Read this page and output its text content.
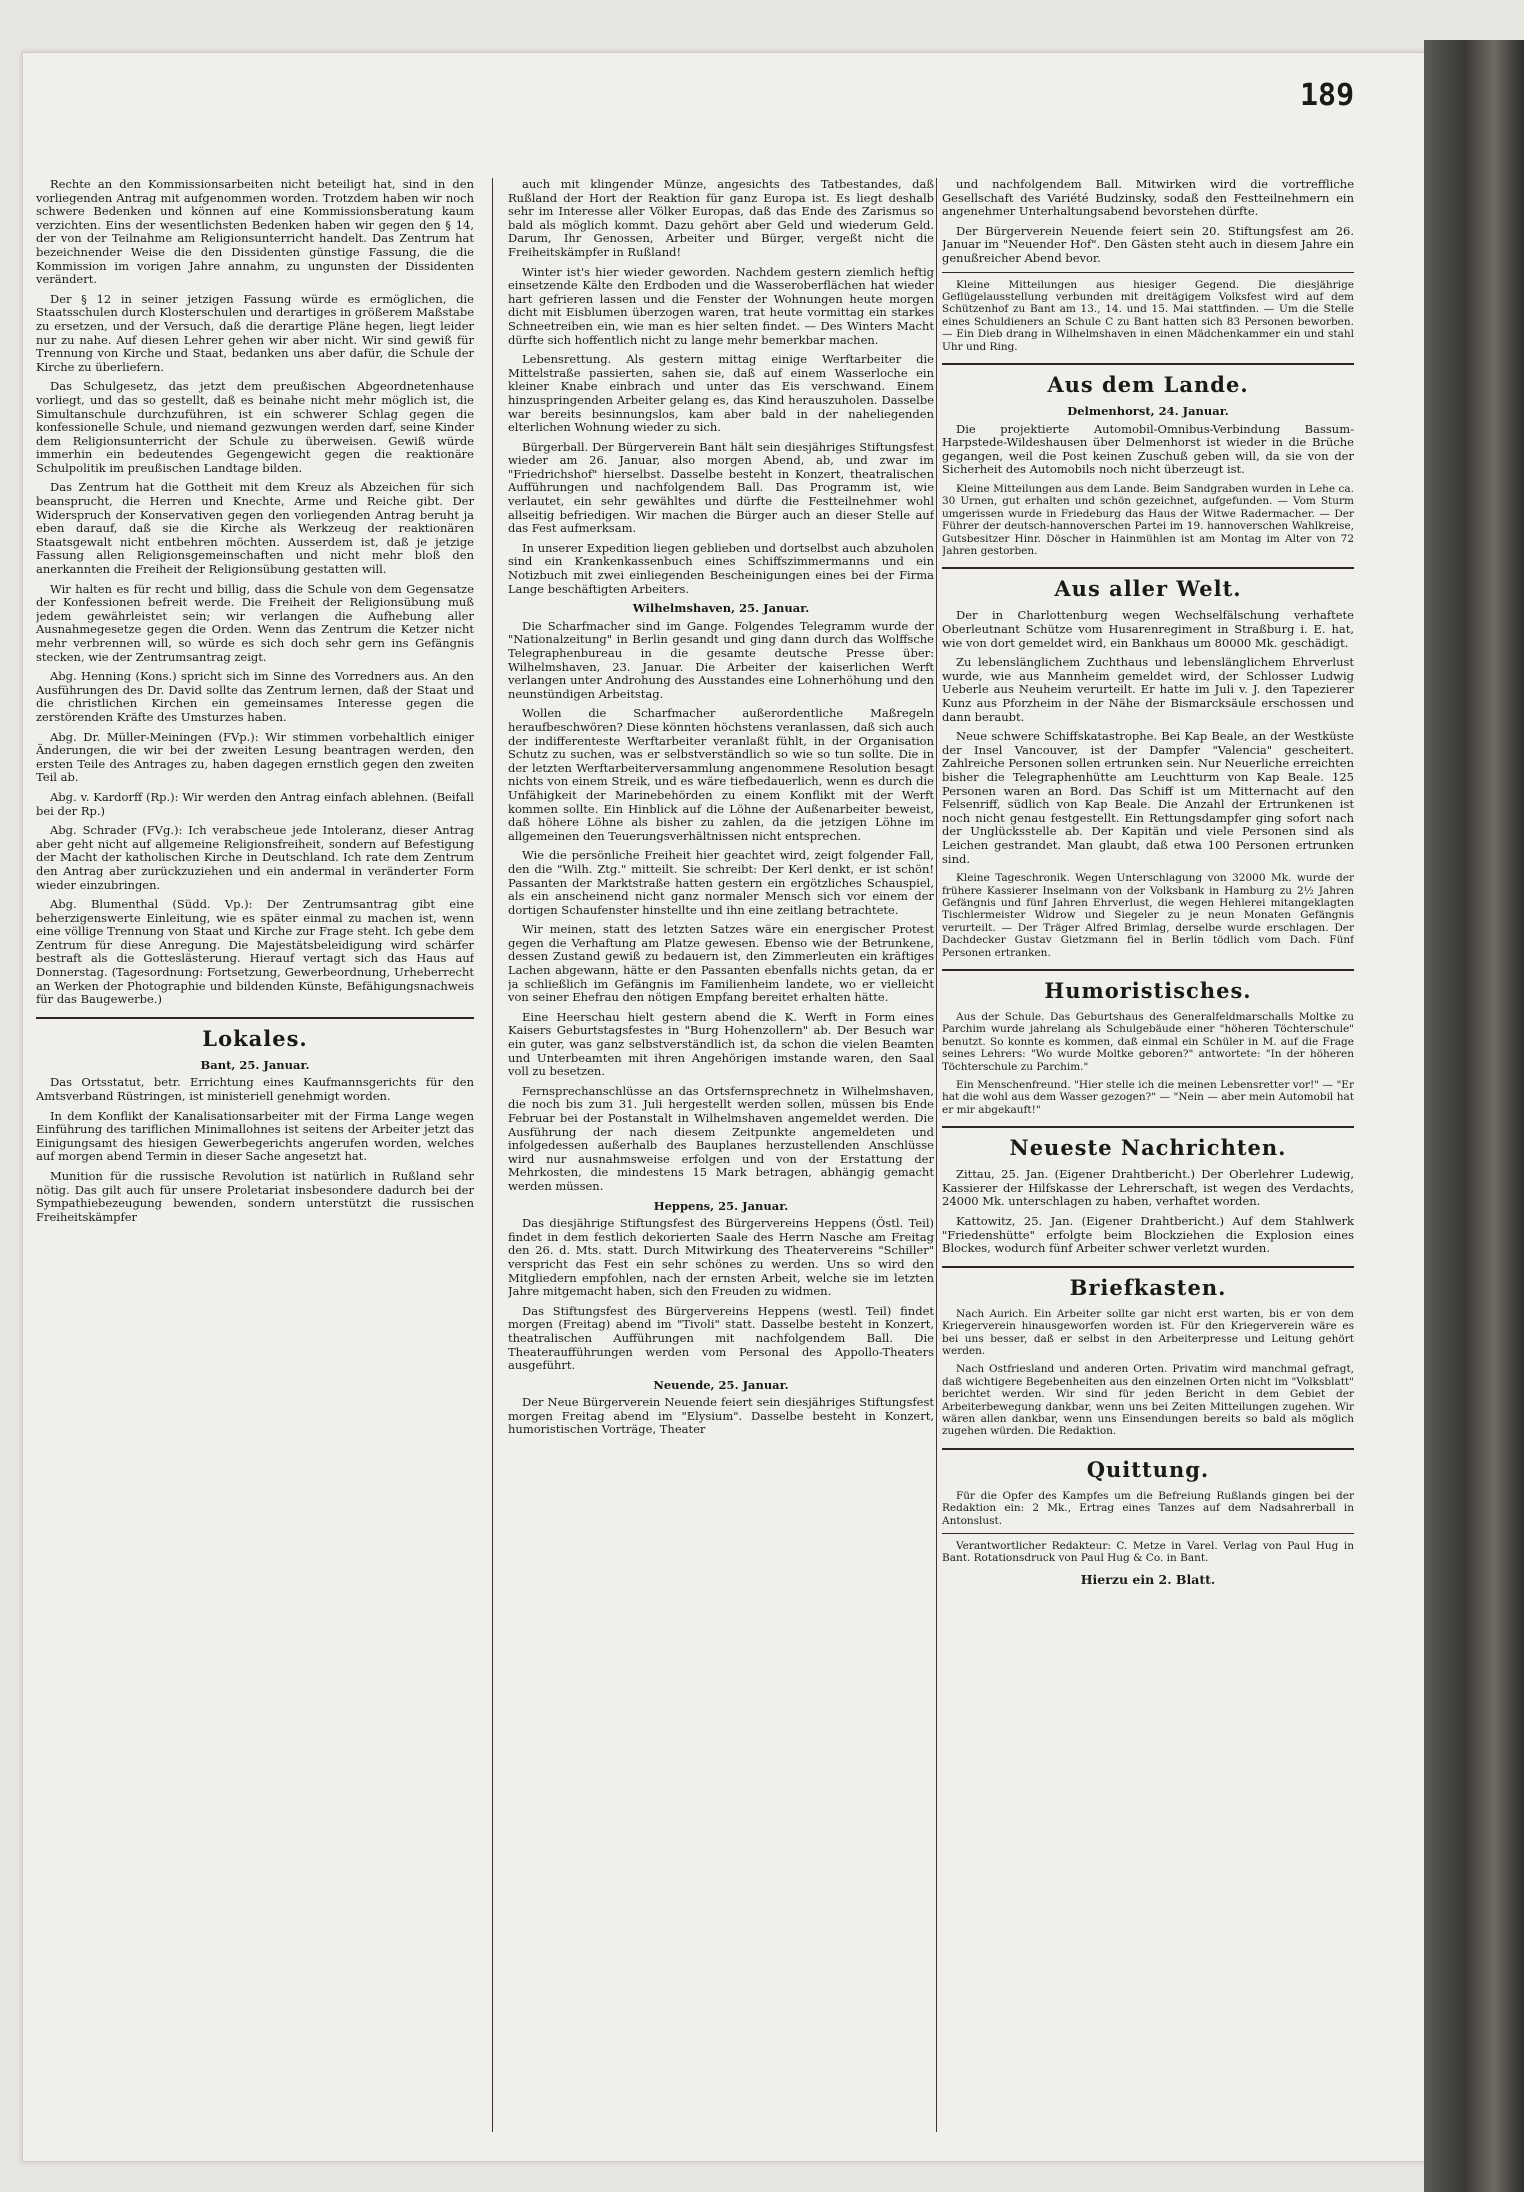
189

Rechte an den Kommissionsarbeiten nicht beteiligt hat, sind in den vorliegenden Antrag mit aufgenommen worden. Trotzdem haben wir noch schwere Bedenken und können auf eine Kommissionsberatung kaum verzichten. Eins der wesentlichsten Bedenken haben wir gegen den § 14, der von der Teilnahme am Religionsunterricht handelt. Das Zentrum hat bezeichnender Weise die den Dissidenten günstige Fassung, die die Kommission im vorigen Jahre annahm, zu ungunsten der Dissidenten verändert.

Der § 12 in seiner jetzigen Fassung würde es ermöglichen, die Staatsschulen durch Klosterschulen und derartiges in größerem Maßstabe zu ersetzen, und der Versuch, daß die derartige Pläne hegen, liegt leider nur zu nahe. Auf diesen Lehrer gehen wir aber nicht. Wir sind gewiß für Trennung von Kirche und Staat, bedanken uns aber dafür, die Schule der Kirche zu überliefern.

Das Schulgesetz, das jetzt dem preußischen Abgeordnetenhause vorliegt, und das so gestellt, daß es beinahe nicht mehr möglich ist, die Simultanschule durchzuführen, ist ein schwerer Schlag gegen die konfessionelle Schule, und niemand gezwungen werden darf, seine Kinder dem Religionsunterricht der Schule zu überweisen. Gewiß würde immerhin ein bedeutendes Gegengewicht gegen die reaktionäre Schulpolitik im preußischen Landtage bilden.

Das Zentrum hat die Gottheit mit dem Kreuz als Abzeichen für sich beansprucht, die Herren und Knechte, Arme und Reiche gibt. Der Widerspruch der Konservativen gegen den vorliegenden Antrag beruht ja eben darauf, daß sie die Kirche als Werkzeug der reaktionären Staatsgewalt nicht entbehren möchten. Ausserdem ist, daß je jetzige Fassung allen Religionsgemeinschaften und nicht mehr bloß den anerkannten die Freiheit der Religionsübung gestatten will.

Wir halten es für recht und billig, dass die Schule von dem Gegensatze der Konfessionen befreit werde. Die Freiheit der Religionsübung muß jedem gewährleistet sein; wir verlangen die Aufhebung aller Ausnahmegesetze gegen die Orden. Wenn das Zentrum die Ketzer nicht mehr verbrennen will, so würde es sich doch sehr gern ins Gefängnis stecken, wie der Zentrumsantrag zeigt.

Abg. Henning (Kons.) spricht sich im Sinne des Vorredners aus. An den Ausführungen des Dr. David sollte das Zentrum lernen, daß der Staat und die christlichen Kirchen ein gemeinsames Interesse gegen die zerstörenden Kräfte des Umsturzes haben.

Abg. Dr. Müller-Meiningen (FVp.): Wir stimmen vorbehaltlich einiger Änderungen, die wir bei der zweiten Lesung beantragen werden, den ersten Teile des Antrages zu, haben dagegen ernstlich gegen den zweiten Teil ab.

Abg. v. Kardorff (Rp.): Wir werden den Antrag einfach ablehnen. (Beifall bei der Rp.)

Abg. Schrader (FVg.): Ich verabscheue jede Intoleranz, dieser Antrag aber geht nicht auf allgemeine Religionsfreiheit, sondern auf Befestigung der Macht der katholischen Kirche in Deutschland. Ich rate dem Zentrum den Antrag aber zurückzuziehen und ein andermal in veränderter Form wieder einzubringen.

Abg. Blumenthal (Südd. Vp.): Der Zentrumsantrag gibt eine beherzigenswerte Einleitung, wie es später einmal zu machen ist, wenn eine völlige Trennung von Staat und Kirche zur Frage steht. Ich gebe dem Zentrum für diese Anregung. Die Majestätsbeleidigung wird schärfer bestraft als die Gotteslästerung. Hierauf vertagt sich das Haus auf Donnerstag. (Tagesordnung: Fortsetzung, Gewerbeordnung, Urheberrecht an Werken der Photographie und bildenden Künste, Befähigungsnachweis für das Baugewerbe.)

Lokales.
Bant, 25. Januar.

Das Ortsstatut, betr. Errichtung eines Kaufmannsgerichts für den Amtsverband Rüstringen, ist ministeriell genehmigt worden.

In dem Konflikt der Kanalisationsarbeiter mit der Firma Lange wegen Einführung des tariflichen Minimallohnes ist seitens der Arbeiter jetzt das Einigungsamt des hiesigen Gewerbegerichts angerufen worden, welches auf morgen abend Termin in dieser Sache angesetzt hat.

Munition für die russische Revolution ist natürlich in Rußland sehr nötig. Das gilt auch für unsere Proletariat insbesondere dadurch bei der Sympathiebezeugung bewenden, sondern unterstützt die russischen Freiheitskämpfer

auch mit klingender Münze, angesichts des Tatbestandes, daß Rußland der Hort der Reaktion für ganz Europa ist. Es liegt deshalb sehr im Interesse aller Völker Europas, daß das Ende des Zarismus so bald als möglich kommt. Dazu gehört aber Geld und wiederum Geld. Darum, Ihr Genossen, Arbeiter und Bürger, vergeßt nicht die Freiheitskämpfer in Rußland!

Winter ist's hier wieder geworden. Nachdem gestern ziemlich heftig einsetzende Kälte den Erdboden und die Wasseroberflächen hat wieder hart gefrieren lassen und die Fenster der Wohnungen heute morgen dicht mit Eisblumen überzogen waren, trat heute vormittag ein starkes Schneetreiben ein, wie man es hier selten findet. — Des Winters Macht dürfte sich hoffentlich nicht zu lange mehr bemerkbar machen.

Lebensrettung. Als gestern mittag einige Werftarbeiter die Mittelstraße passierten, sahen sie, daß auf einem Wasserloche ein kleiner Knabe einbrach und unter das Eis verschwand. Einem hinzuspringenden Arbeiter gelang es, das Kind herauszuholen. Dasselbe war bereits besinnungslos, kam aber bald in der naheliegenden elterlichen Wohnung wieder zu sich.

Bürgerball. Der Bürgerverein Bant hält sein diesjähriges Stiftungsfest wieder am 26. Januar, also morgen Abend, ab, und zwar im "Friedrichshof" hierselbst. Dasselbe besteht in Konzert, theatralischen Aufführungen und nachfolgendem Ball. Das Programm ist, wie verlautet, ein sehr gewähltes und dürfte die Festteilnehmer wohl allseitig befriedigen. Wir machen die Bürger auch an dieser Stelle auf das Fest aufmerksam.

In unserer Expedition liegen geblieben und dortselbst auch abzuholen sind ein Krankenkassenbuch eines Schiffszimmermanns und ein Notizbuch mit zwei einliegenden Bescheinigungen eines bei der Firma Lange beschäftigten Arbeiters.

Wilhelmshaven, 25. Januar.

Die Scharfmacher sind im Gange. Folgendes Telegramm wurde der "Nationalzeitung" in Berlin gesandt und ging dann durch das Wolffsche Telegraphenbureau in die gesamte deutsche Presse über: Wilhelmshaven, 23. Januar. Die Arbeiter der kaiserlichen Werft verlangen unter Androhung des Ausstandes eine Lohnerhöhung und den neunstündigen Arbeitstag.

Wollen die Scharfmacher außerordentliche Maßregeln heraufbeschwören? Diese könnten höchstens veranlassen, daß sich auch der indifferenteste Werftarbeiter veranlaßt fühlt, in der Organisation Schutz zu suchen, was er selbstverständlich so wie so tun sollte. Die in der letzten Werftarbeiterversammlung angenommene Resolution besagt nichts von einem Streik, und es wäre tiefbedauerlich, wenn es durch die Unfähigkeit der Marinebehörden zu einem Konflikt mit der Werft kommen sollte. Ein Hinblick auf die Löhne der Außenarbeiter beweist, daß höhere Löhne als bisher zu zahlen, da die jetzigen Löhne im allgemeinen den Teuerungsverhältnissen nicht entsprechen.

Wie die persönliche Freiheit hier geachtet wird, zeigt folgender Fall, den die "Wilh. Ztg." mitteilt. Sie schreibt: Der Kerl denkt, er ist schön! Passanten der Marktstraße hatten gestern ein ergötzliches Schauspiel, als ein anscheinend nicht ganz normaler Mensch sich vor einem der dortigen Schaufenster hinstellte und ihn eine zeitlang betrachtete.

Wir meinen, statt des letzten Satzes wäre ein energischer Protest gegen die Verhaftung am Platze gewesen. Ebenso wie der Betrunkene, dessen Zustand gewiß zu bedauern ist, den Zimmerleuten ein kräftiges Lachen abgewann, hätte er den Passanten ebenfalls nichts getan, da er ja schließlich im Gefängnis im Familienheim landete, wo er vielleicht von seiner Ehefrau den nötigen Empfang bereitet erhalten hätte.

Eine Heerschau hielt gestern abend die K. Werft in Form eines Kaisers Geburtstagsfestes in "Burg Hohenzollern" ab. Der Besuch war ein guter, was ganz selbstverständlich ist, da schon die vielen Beamten und Unterbeamten mit ihren Angehörigen imstande waren, den Saal voll zu besetzen.

Fernsprechanschlüsse an das Ortsfernsprechnetz in Wilhelmshaven, die noch bis zum 31. Juli hergestellt werden sollen, müssen bis Ende Februar bei der Postanstalt in Wilhelmshaven angemeldet werden. Die Ausführung der nach diesem Zeitpunkte angemeldeten und infolgedessen außerhalb des Bauplanes herzustellenden Anschlüsse wird nur ausnahmsweise erfolgen und von der Erstattung der Mehrkosten, die mindestens 15 Mark betragen, abhängig gemacht werden müssen.

Heppens, 25. Januar.

Das diesjährige Stiftungsfest des Bürgervereins Heppens (Östl. Teil) findet in dem festlich dekorierten Saale des Herrn Nasche am Freitag den 26. d. Mts. statt. Durch Mitwirkung des Theatervereins "Schiller" verspricht das Fest ein sehr schönes zu werden. Uns so wird den Mitgliedern empfohlen, nach der ernsten Arbeit, welche sie im letzten Jahre mitgemacht haben, sich den Freuden zu widmen.

Das Stiftungsfest des Bürgervereins Heppens (westl. Teil) findet morgen (Freitag) abend im "Tivoli" statt. Dasselbe besteht in Konzert, theatralischen Aufführungen mit nachfolgendem Ball. Die Theateraufführungen werden vom Personal des Appollo-Theaters ausgeführt.

Neuende, 25. Januar.

Der Neue Bürgerverein Neuende feiert sein diesjähriges Stiftungsfest morgen Freitag abend im "Elysium". Dasselbe besteht in Konzert, humoristischen Vorträge, Theater

und nachfolgendem Ball. Mitwirken wird die vortreffliche Gesellschaft des Variété Budzinsky, sodaß den Festteilnehmern ein angenehmer Unterhaltungsabend bevorstehen dürfte.

Der Bürgerverein Neuende feiert sein 20. Stiftungsfest am 26. Januar im "Neuender Hof". Den Gästen steht auch in diesem Jahre ein genußreicher Abend bevor.

Kleine Mitteilungen aus hiesiger Gegend. Die diesjährige Geflügelausstellung verbunden mit dreitägigem Volksfest wird auf dem Schützenhof zu Bant am 13., 14. und 15. Mai stattfinden. — Um die Stelle eines Schuldieners an Schule C zu Bant hatten sich 83 Personen beworben. — Ein Dieb drang in Wilhelmshaven in einen Mädchenkammer ein und stahl Uhr und Ring.

Aus dem Lande.
Delmenhorst, 24. Januar.

Die projektierte Automobil-Omnibus-Verbindung Bassum-Harpstede-Wildeshausen über Delmenhorst ist wieder in die Brüche gegangen, weil die Post keinen Zuschuß geben will, da sie von der Sicherheit des Automobils noch nicht überzeugt ist.

Kleine Mitteilungen aus dem Lande. Beim Sandgraben wurden in Lehe ca. 30 Urnen, gut erhalten und schön gezeichnet, aufgefunden. — Vom Sturm umgerissen wurde in Friedeburg das Haus der Witwe Radermacher. — Der Führer der deutsch-hannoverschen Partei im 19. hannoverschen Wahlkreise, Gutsbesitzer Hinr. Döscher in Hainmühlen ist am Montag im Alter von 72 Jahren gestorben.

Aus aller Welt.

Der in Charlottenburg wegen Wechselfälschung verhaftete Oberleutnant Schütze vom Husarenregiment in Straßburg i. E. hat, wie von dort gemeldet wird, ein Bankhaus um 80000 Mk. geschädigt.

Zu lebenslänglichem Zuchthaus und lebenslänglichem Ehrverlust wurde, wie aus Mannheim gemeldet wird, der Schlosser Ludwig Ueberle aus Neuheim verurteilt. Er hatte im Juli v. J. den Tapezierer Kunz aus Pforzheim in der Nähe der Bismarcksäule erschossen und dann beraubt.

Neue schwere Schiffskatastrophe. Bei Kap Beale, an der Westküste der Insel Vancouver, ist der Dampfer "Valencia" gescheitert. Zahlreiche Personen sollen ertrunken sein. Nur Neuerliche erreichten bisher die Telegraphenhütte am Leuchtturm von Kap Beale. 125 Personen waren an Bord. Das Schiff ist um Mitternacht auf den Felsenriff, südlich von Kap Beale. Die Anzahl der Ertrunkenen ist noch nicht genau festgestellt. Ein Rettungsdampfer ging sofort nach der Unglücksstelle ab. Der Kapitän und viele Personen sind als Leichen gestrandet. Man glaubt, daß etwa 100 Personen ertrunken sind.

Kleine Tageschronik. Wegen Unterschlagung von 32000 Mk. wurde der frühere Kassierer Inselmann von der Volksbank in Hamburg zu 2½ Jahren Gefängnis und fünf Jahren Ehrverlust, die wegen Hehlerei mitangeklagten Tischlermeister Widrow und Siegeler zu je neun Monaten Gefängnis verurteilt. — Der Träger Alfred Brimlag, derselbe wurde erschlagen. Der Dachdecker Gustav Gietzmann fiel in Berlin tödlich vom Dach. Fünf Personen ertranken.

Humoristisches.

Aus der Schule. Das Geburtshaus des Generalfeldmarschalls Moltke zu Parchim wurde jahrelang als Schulgebäude einer "höheren Töchterschule" benutzt. So konnte es kommen, daß einmal ein Schüler in M. auf die Frage seines Lehrers: "Wo wurde Moltke geboren?" antwortete: "In der höheren Töchterschule zu Parchim."

Ein Menschenfreund. "Hier stelle ich die meinen Lebensretter vor!" — "Er hat die wohl aus dem Wasser gezogen?" — "Nein — aber mein Automobil hat er mir abgekauft!"

Neueste Nachrichten.

Zittau, 25. Jan. (Eigener Drahtbericht.) Der Oberlehrer Ludewig, Kassierer der Hilfskasse der Lehrerschaft, ist wegen des Verdachts, 24000 Mk. unterschlagen zu haben, verhaftet worden.

Kattowitz, 25. Jan. (Eigener Drahtbericht.) Auf dem Stahlwerk "Friedenshütte" erfolgte beim Blockziehen die Explosion eines Blockes, wodurch fünf Arbeiter schwer verletzt wurden.

Briefkasten.

Nach Aurich. Ein Arbeiter sollte gar nicht erst warten, bis er von dem Kriegerverein hinausgeworfen worden ist. Für den Kriegerverein wäre es bei uns besser, daß er selbst in den Arbeiterpresse und Leitung gehört werden.

Nach Ostfriesland und anderen Orten. Privatim wird manchmal gefragt, daß wichtigere Begebenheiten aus den einzelnen Orten nicht im "Volksblatt" berichtet werden. Wir sind für jeden Bericht in dem Gebiet der Arbeiterbewegung dankbar, wenn uns bei Zeiten Mitteilungen zugehen. Wir wären allen dankbar, wenn uns Einsendungen bereits so bald als möglich zugehen würden. Die Redaktion.

Quittung.

Für die Opfer des Kampfes um die Befreiung Rußlands gingen bei der Redaktion ein: 2 Mk., Ertrag eines Tanzes auf dem Nadsahrerball in Antonslust.

Verantwortlicher Redakteur: C. Metze in Varel. Verlag von Paul Hug in Bant. Rotationsdruck von Paul Hug & Co. in Bant.

Hierzu ein 2. Blatt.
